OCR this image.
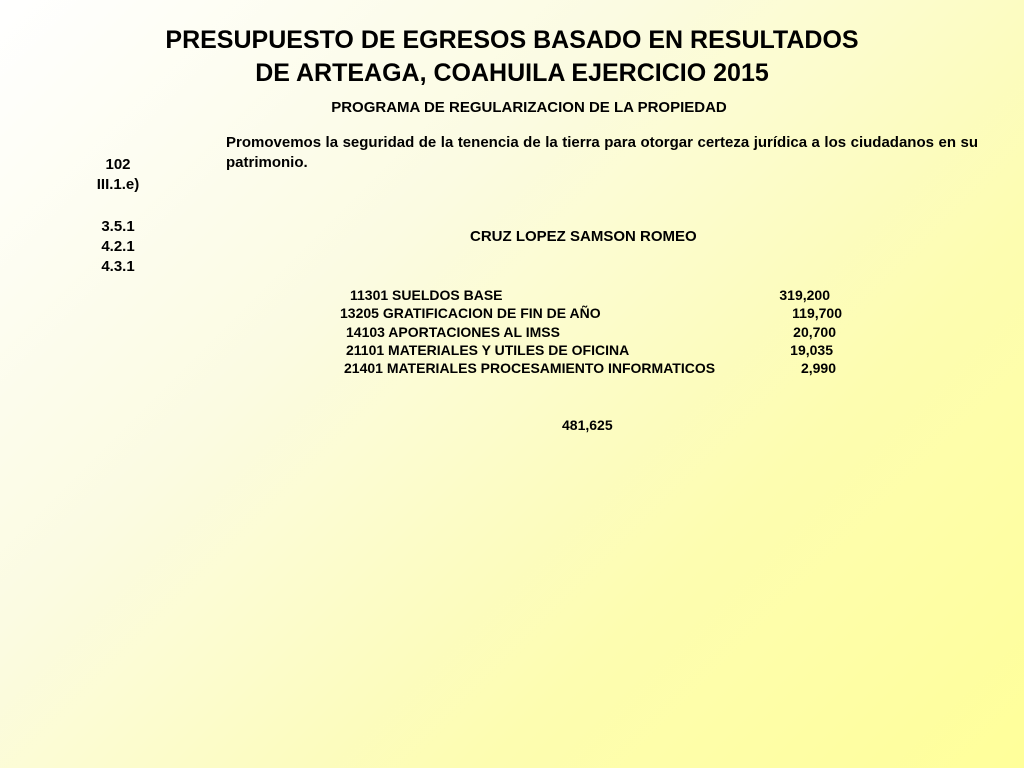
PRESUPUESTO DE EGRESOS BASADO EN RESULTADOS
DE ARTEAGA, COAHUILA EJERCICIO 2015
PROGRAMA DE REGULARIZACION DE LA PROPIEDAD
Promovemos la seguridad de la tenencia de la tierra para otorgar certeza jurídica a los ciudadanos en su patrimonio.
102
III.1.e)
3.5.1
4.2.1
4.3.1
CRUZ LOPEZ SAMSON ROMEO
11301 SUELDOS BASE	319,200
13205 GRATIFICACION DE FIN DE AÑO	119,700
14103 APORTACIONES AL IMSS	20,700
21101 MATERIALES Y UTILES DE OFICINA	19,035
21401 MATERIALES PROCESAMIENTO INFORMATICOS	2,990
481,625
